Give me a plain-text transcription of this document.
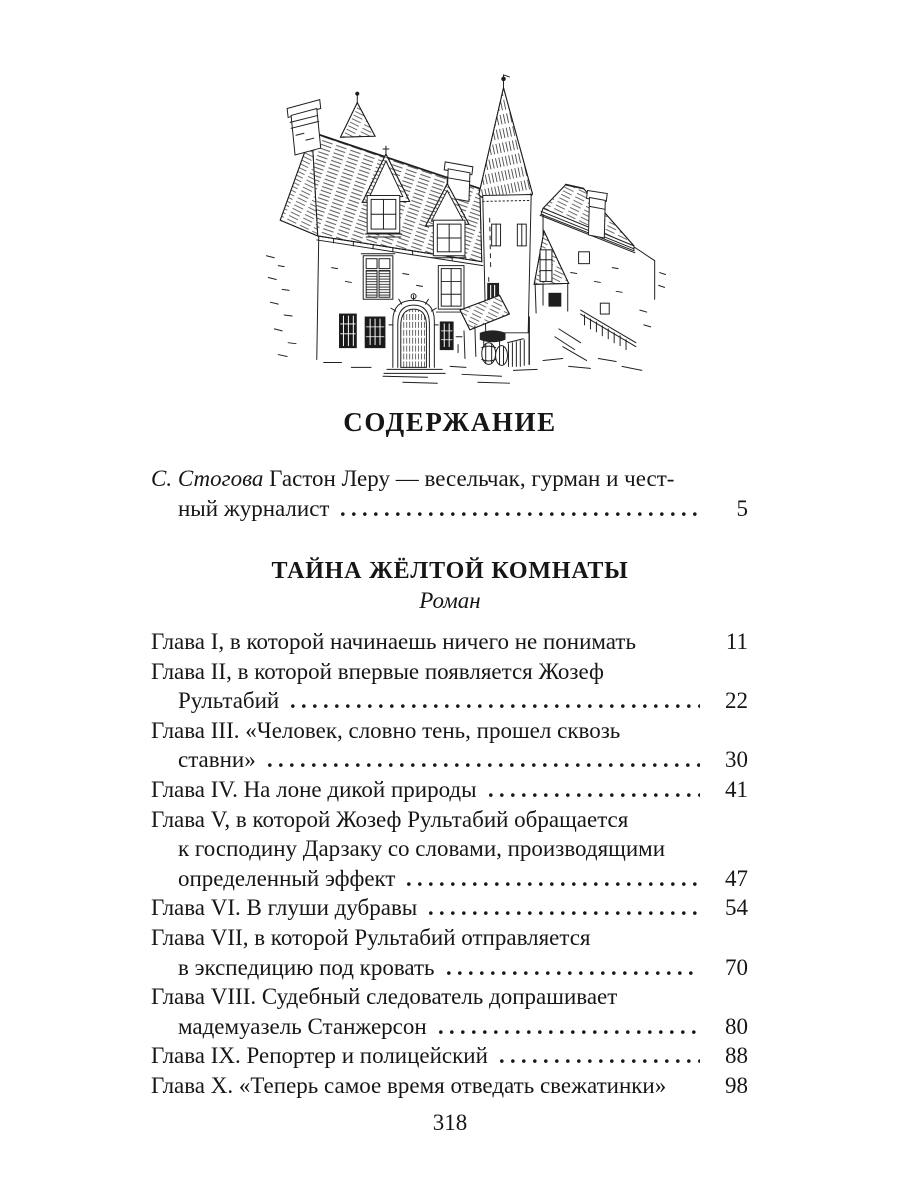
СОДЕРЖАНИЕ
С. Стогова Гастон Леру — весельчак, гурман и чест-
ный журналист	5
ТАЙНА ЖЁЛТОЙ КОМНАТЫ
Роман
Глава I, в которой начинаешь ничего не понимать	11
Глава II, в которой впервые появляется Жозеф
Рультабий	22
Глава III. «Человек, словно тень, прошел сквозь
ставни»	30
Глава IV. На лоне дикой природы	41
Глава V, в которой Жозеф Рультабий обращается
к господину Дарзаку со словами, производящими
определенный эффект	47
Глава VI. В глуши дубравы	54
Глава VII, в которой Рультабий отправляется
в экспедицию под кровать	70
Глава VIII. Судебный следователь допрашивает
мадемуазель Станжерсон	80
Глава IX. Репортер и полицейский	88
Глава X. «Теперь самое время отведать свежатинки»	98
318
